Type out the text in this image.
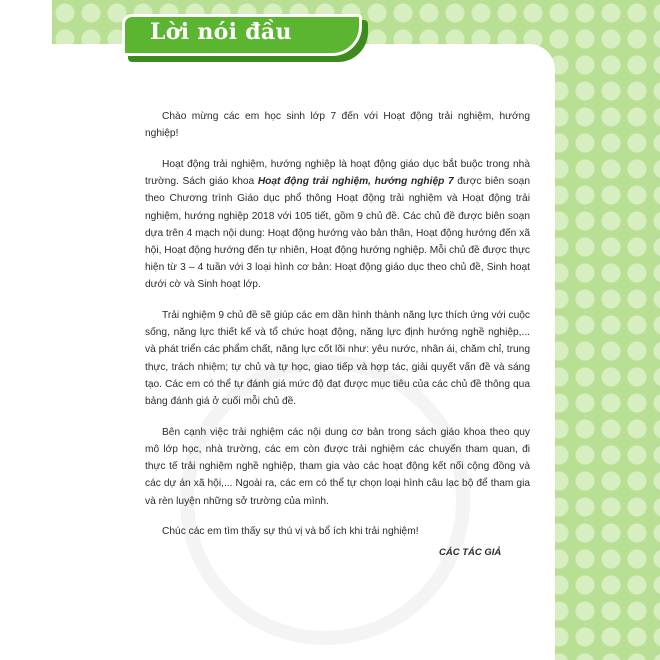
Lời nói đầu

Chào mừng các em học sinh lớp 7 đến với Hoạt động trải nghiệm, hướng nghiệp!

Hoạt động trải nghiệm, hướng nghiệp là hoạt động giáo dục bắt buộc trong nhà trường. Sách giáo khoa Hoạt động trải nghiệm, hướng nghiệp 7 được biên soạn theo Chương trình Giáo dục phổ thông Hoạt động trải nghiệm và Hoạt động trải nghiệm, hướng nghiệp 2018 với 105 tiết, gồm 9 chủ đề. Các chủ đề được biên soạn dựa trên 4 mạch nội dung: Hoạt động hướng vào bản thân, Hoạt động hướng đến xã hội, Hoạt động hướng đến tự nhiên, Hoạt động hướng nghiệp. Mỗi chủ đề được thực hiện từ 3 – 4 tuần với 3 loại hình cơ bản: Hoạt động giáo dục theo chủ đề, Sinh hoạt dưới cờ và Sinh hoạt lớp.

Trải nghiệm 9 chủ đề sẽ giúp các em dần hình thành năng lực thích ứng với cuộc sống, năng lực thiết kế và tổ chức hoạt động, năng lực định hướng nghề nghiệp,... và phát triển các phẩm chất, năng lực cốt lõi như: yêu nước, nhân ái, chăm chỉ, trung thực, trách nhiệm; tự chủ và tự học, giao tiếp và hợp tác, giải quyết vấn đề và sáng tạo. Các em có thể tự đánh giá mức độ đạt được mục tiêu của các chủ đề thông qua bảng đánh giá ở cuối mỗi chủ đề.

Bên cạnh việc trải nghiệm các nội dung cơ bản trong sách giáo khoa theo quy mô lớp học, nhà trường, các em còn được trải nghiệm các chuyến tham quan, đi thực tế trải nghiệm nghề nghiệp, tham gia vào các hoạt động kết nối cộng đồng và các dự án xã hội,... Ngoài ra, các em có thể tự chọn loại hình câu lạc bộ để tham gia và rèn luyện những sở trường của mình.

Chúc các em tìm thấy sự thú vị và bổ ích khi trải nghiệm!

CÁC TÁC GIẢ
